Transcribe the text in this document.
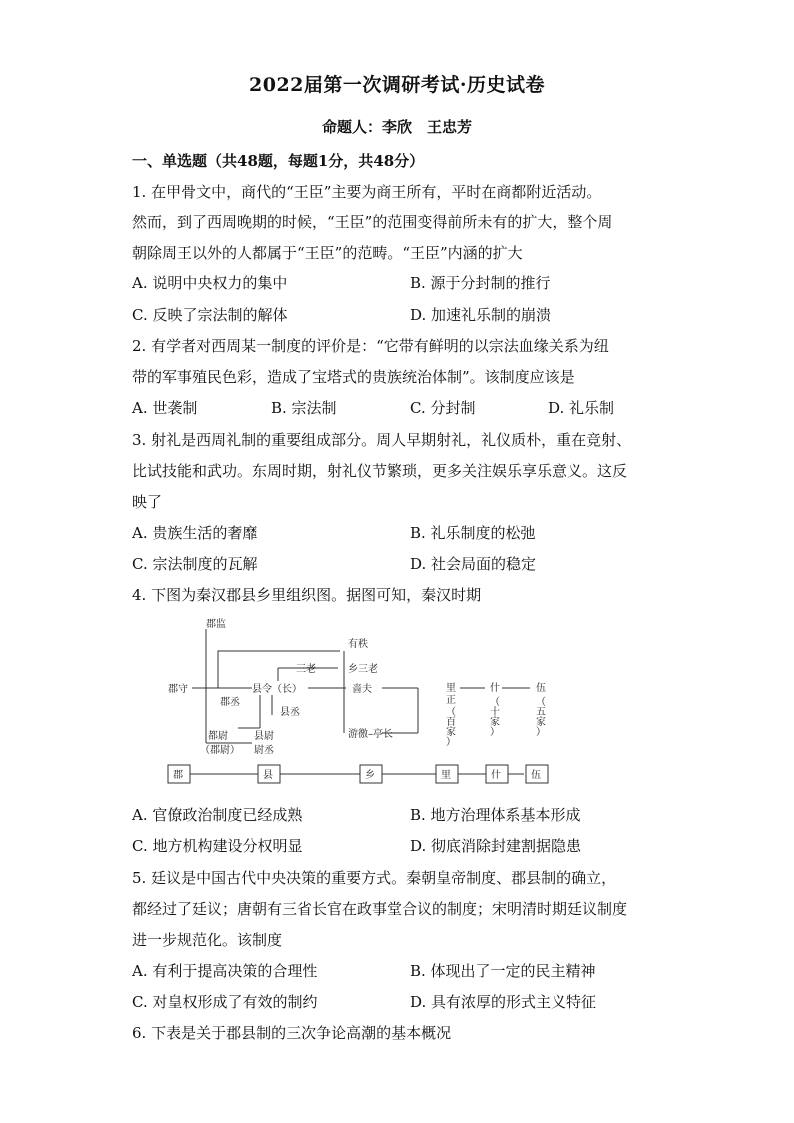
2022届第一次调研考试·历史试卷
命题人：李欣　王忠芳
一、单选题（共48题，每题1分，共48分）
1. 在甲骨文中，商代的“王臣”主要为商王所有，平时在商都附近活动。
然而，到了西周晚期的时候，“王臣”的范围变得前所未有的扩大，整个周
朝除周王以外的人都属于“王臣”的范畴。“王臣”内涵的扩大
A. 说明中央权力的集中	B. 源于分封制的推行
C. 反映了宗法制的解体	D. 加速礼乐制的崩溃
2. 有学者对西周某一制度的评价是：“它带有鲜明的以宗法血缘关系为纽
带的军事殖民色彩，造成了宝塔式的贵族统治体制”。该制度应该是
A. 世袭制	B. 宗法制	C. 分封制	D. 礼乐制
3. 射礼是西周礼制的重要组成部分。周人早期射礼，礼仪质朴，重在竞射、
比试技能和武功。东周时期，射礼仪节繁琐，更多关注娱乐享乐意义。这反
映了
A. 贵族生活的奢靡	B. 礼乐制度的松弛
C. 宗法制度的瓦解	D. 社会局面的稳定
4. 下图为秦汉郡县乡里组织图。据图可知，秦汉时期
郡监
郡守
郡丞
都尉
（郡尉）
有秩
乡三老
三老
县令（长）
县丞
县尉
尉丞
啬夫
游徼–亭长
里
正
（
百
家
）
什
（
十
家
）
伍
（
五
家
）
郡	县	乡	里	什	伍
A. 官僚政治制度已经成熟	B. 地方治理体系基本形成
C. 地方机构建设分权明显	D. 彻底消除封建割据隐患
5. 廷议是中国古代中央决策的重要方式。秦朝皇帝制度、郡县制的确立，
都经过了廷议；唐朝有三省长官在政事堂合议的制度；宋明清时期廷议制度
进一步规范化。该制度
A. 有利于提高决策的合理性	B. 体现出了一定的民主精神
C. 对皇权形成了有效的制约	D. 具有浓厚的形式主义特征
6. 下表是关于郡县制的三次争论高潮的基本概况
